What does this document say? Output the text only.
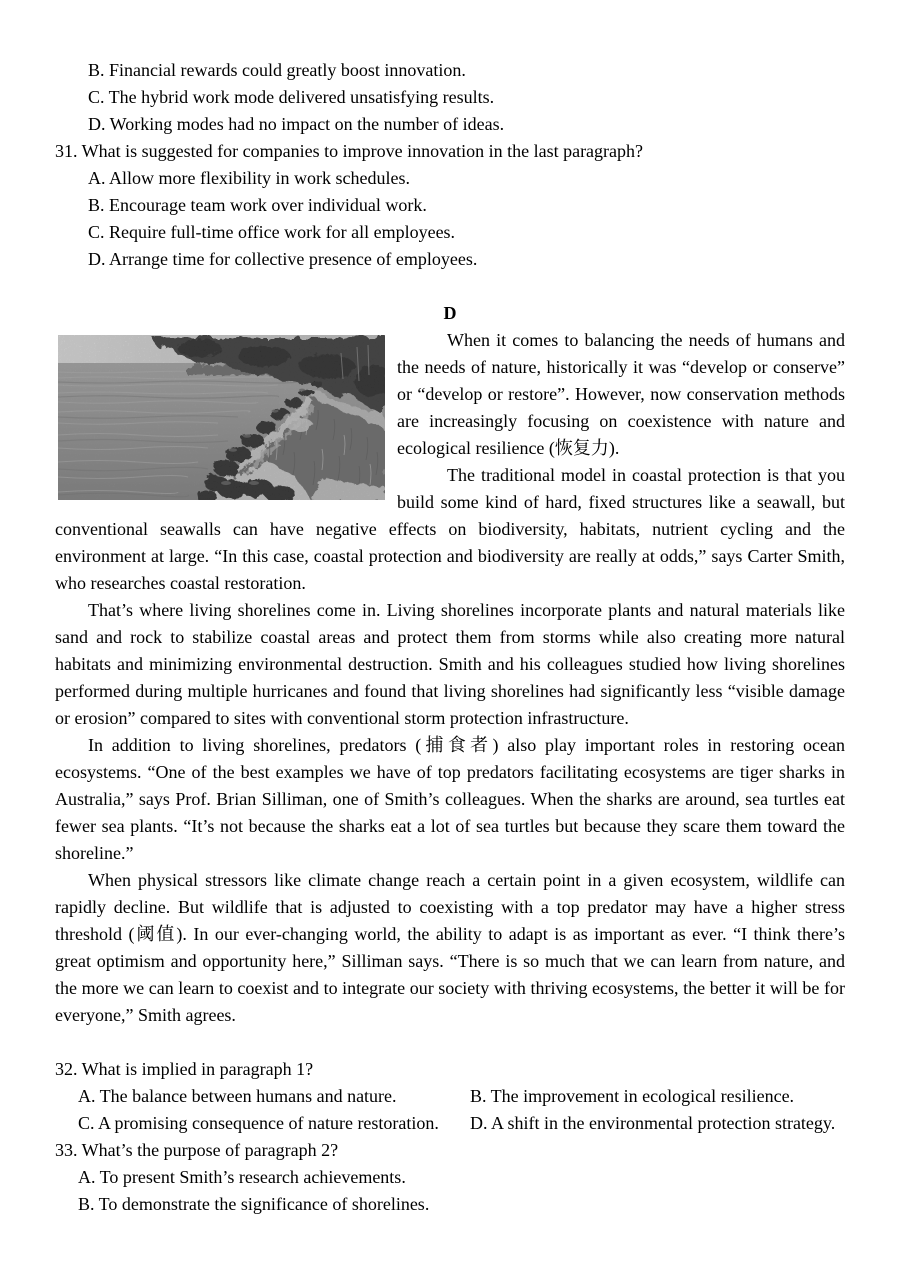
B. Financial rewards could greatly boost innovation.
C. The hybrid work mode delivered unsatisfying results.
D. Working modes had no impact on the number of ideas.
31. What is suggested for companies to improve innovation in the last paragraph?
A. Allow more flexibility in work schedules.
B. Encourage team work over individual work.
C. Require full-time office work for all employees.
D. Arrange time for collective presence of employees.
D

When it comes to balancing the needs of humans and the needs of nature, historically it was “develop or conserve” or “develop or restore”. However, now conservation methods are increasingly focusing on coexistence with nature and ecological resilience (恢复力).

The traditional model in coastal protection is that you build some kind of hard, fixed structures like a seawall, but conventional seawalls can have negative effects on biodiversity, habitats, nutrient cycling and the environment at large. “In this case, coastal protection and biodiversity are really at odds,” says Carter Smith, who researches coastal restoration.

That’s where living shorelines come in. Living shorelines incorporate plants and natural materials like sand and rock to stabilize coastal areas and protect them from storms while also creating more natural habitats and minimizing environmental destruction. Smith and his colleagues studied how living shorelines performed during multiple hurricanes and found that living shorelines had significantly less “visible damage or erosion” compared to sites with conventional storm protection infrastructure.

In addition to living shorelines, predators (捕食者) also play important roles in restoring ocean ecosystems. “One of the best examples we have of top predators facilitating ecosystems are tiger sharks in Australia,” says Prof. Brian Silliman, one of Smith’s colleagues. When the sharks are around, sea turtles eat fewer sea plants. “It’s not because the sharks eat a lot of sea turtles but because they scare them toward the shoreline.”

When physical stressors like climate change reach a certain point in a given ecosystem, wildlife can rapidly decline. But wildlife that is adjusted to coexisting with a top predator may have a higher stress threshold (阈值). In our ever-changing world, the ability to adapt is as important as ever. “I think there’s great optimism and opportunity here,” Silliman says. “There is so much that we can learn from nature, and the more we can learn to coexist and to integrate our society with thriving ecosystems, the better it will be for everyone,” Smith agrees.

32. What is implied in paragraph 1?
A. The balance between humans and nature.	B. The improvement in ecological resilience.
C. A promising consequence of nature restoration.	D. A shift in the environmental protection strategy.
33. What’s the purpose of paragraph 2?
A. To present Smith’s research achievements.
B. To demonstrate the significance of shorelines.
